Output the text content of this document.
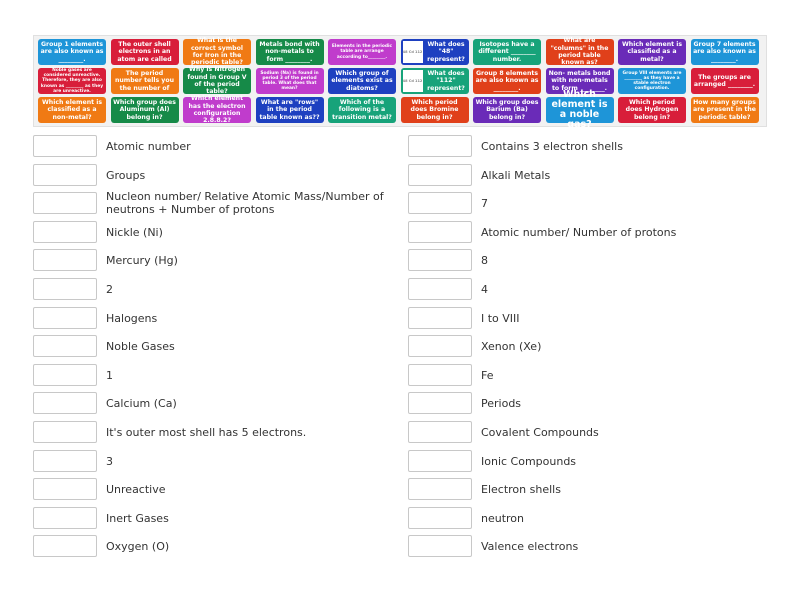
Group 1 elements are also known as ________.
The outer shell electrons in an atom are called
What is the correct symbol for Iron in the periodic table?
Metals bond with non-metals to form ________.
Elements in the periodic table are arrange according to________.
48 Cd 112
What does "48" represent?
Isotopes have a different ________ number.
What are "columns" in the period table known as?
Which element is classified as a metal?
Group 7 elements are also known as ________.
Noble gases are considered unreactive. Therefore, they are also known as ________ as they are unreactive.
The period number tells you the number of
Why is Nitrogen found in Group V of the period table?
Sodium (Na) is found in period 3 of the period table. What does that mean?
Which group of elements exist as diatoms?
48 Cd 112
What does "112" represent?
Group 8 elements are also known as ________.
Non- metals bond with non-metals to form ________.
Group VIII elements are ________ as they have a stable electron configuration.
The groups are arranged ________.
Which element is classified as a non-metal?
Which group does Aluminum (Al) belong in?
Which element has the electron configuration 2.8.8.2?
What are "rows" in the period table known as??
Which of the following is a transition metal?
Which period does Bromine belong in?
Which group does Barium (Ba) belong in?
Which element is a noble gas?
Which period does Hydrogen belong in?
How many groups are present in the periodic table?
Atomic number
Groups
Nucleon number/ Relative Atomic Mass/Number of neutrons + Number of protons
Nickle (Ni)
Mercury (Hg)
2
Halogens
Noble Gases
1
Calcium (Ca)
It's outer most shell has 5 electrons.
3
Unreactive
Inert Gases
Oxygen (O)
Contains 3 electron shells
Alkali Metals
7
Atomic number/ Number of protons
8
4
I to VIII
Xenon (Xe)
Fe
Periods
Covalent Compounds
Ionic Compounds
Electron shells
neutron
Valence electrons
